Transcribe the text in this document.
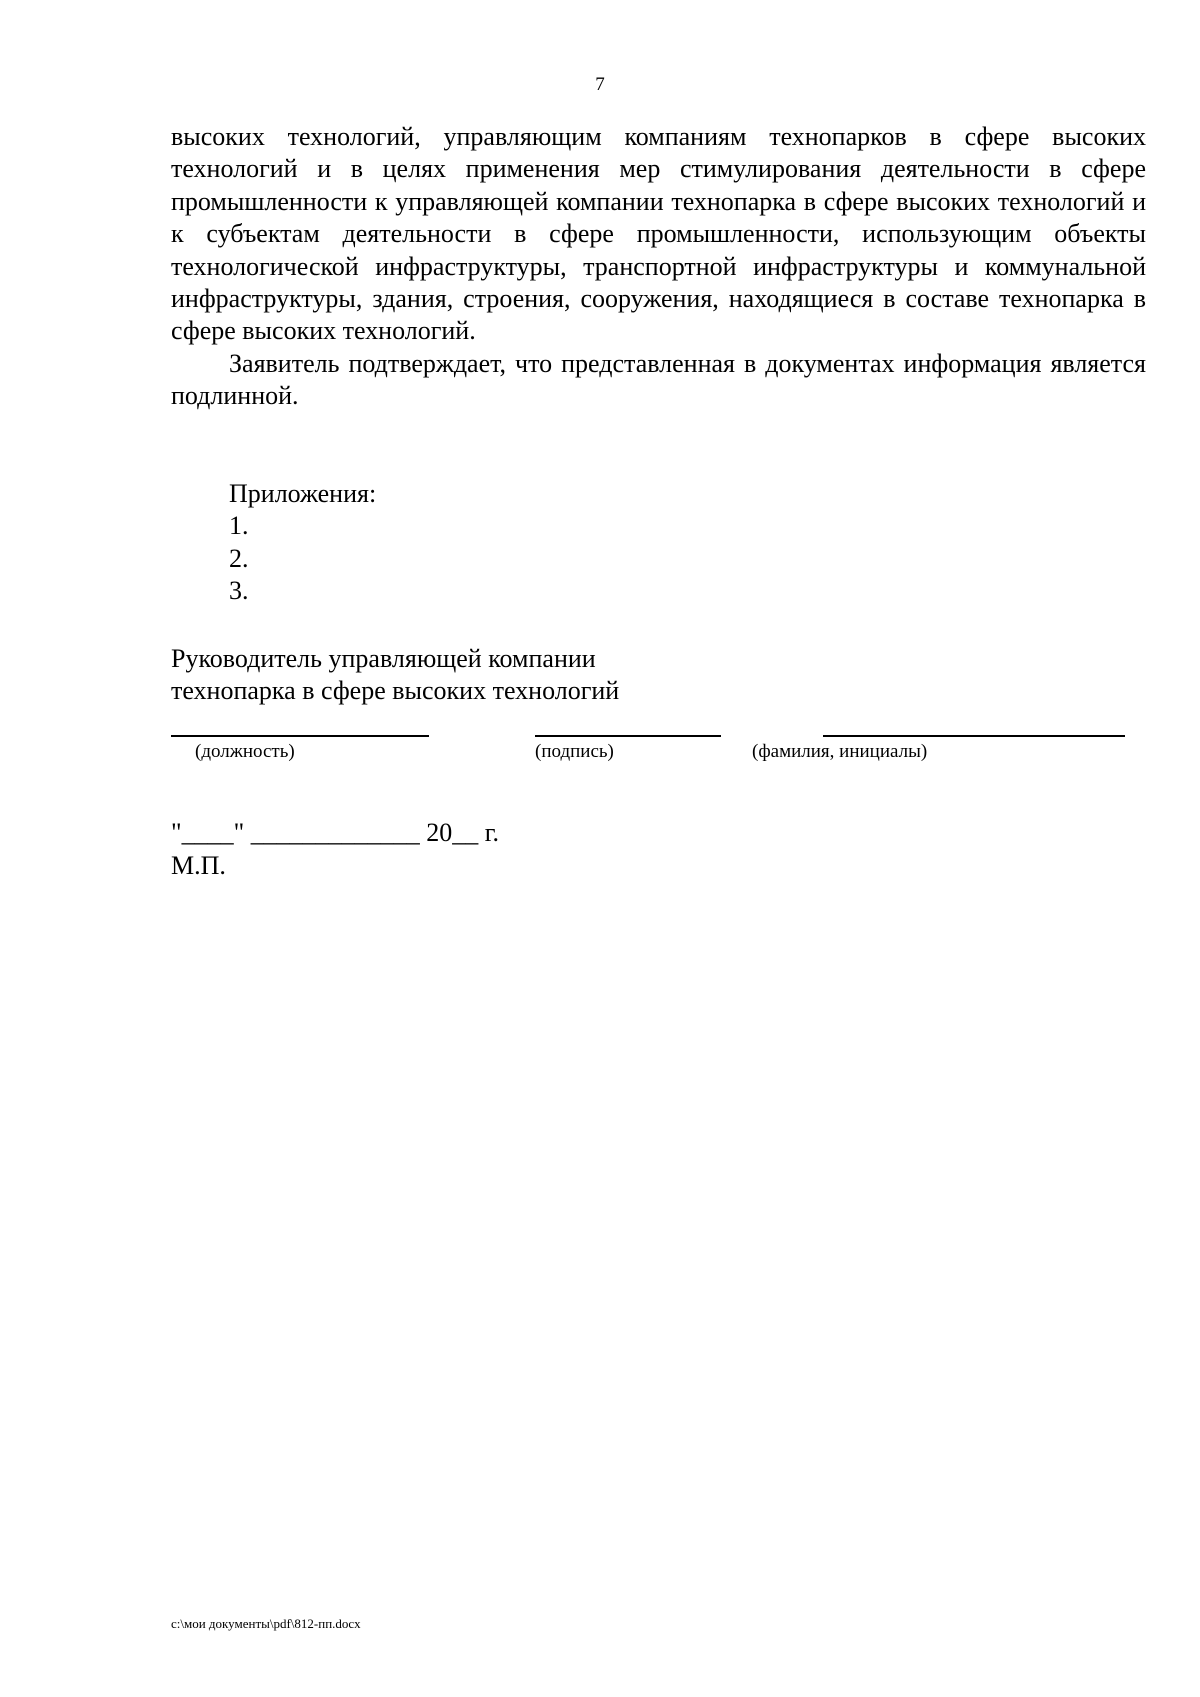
7

высоких технологий, управляющим компаниям технопарков в сфере высоких технологий и в целях применения мер стимулирования деятельности в сфере промышленности к управляющей компании технопарка в сфере высоких технологий и к субъектам деятельности в сфере промышленности, использующим объекты технологической инфраструктуры, транспортной инфраструктуры и коммунальной инфраструктуры, здания, строения, сооружения, находящиеся в составе технопарка в сфере высоких технологий.

Заявитель подтверждает, что представленная в документах информация является подлинной.

Приложения:
1.
2.
3.
Руководитель управляющей компании
технопарка в сфере высоких технологий
(должность)	(подпись)	(фамилия, инициалы)
"____" _____________ 20__ г.
М.П.
c:\мои документы\pdf\812-пп.docx
